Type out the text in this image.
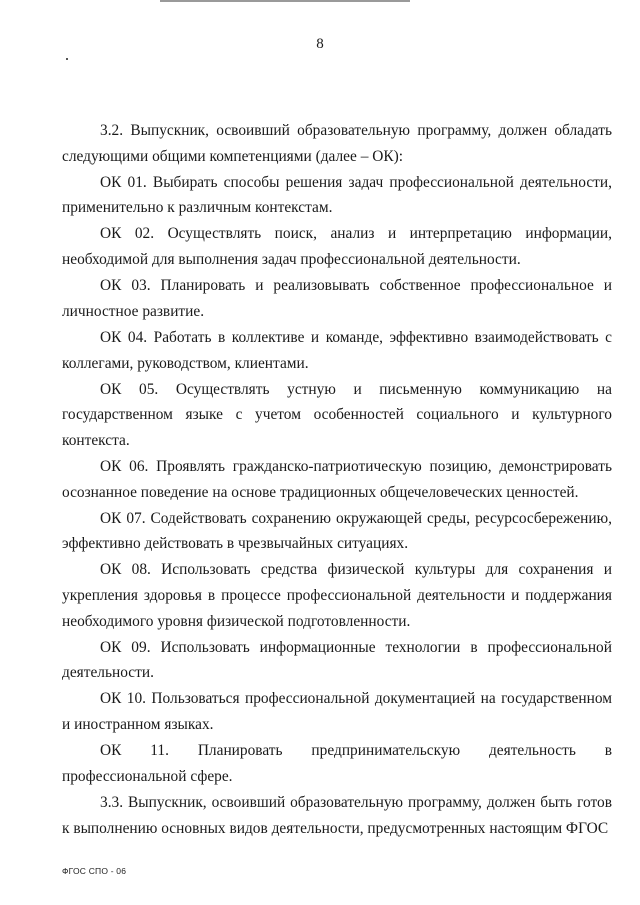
8

3.2. Выпускник, освоивший образовательную программу, должен обладать следующими общими компетенциями (далее – ОК):

ОК 01. Выбирать способы решения задач профессиональной деятельности, применительно к различным контекстам.

ОК 02. Осуществлять поиск, анализ и интерпретацию информации, необходимой для выполнения задач профессиональной деятельности.

ОК 03. Планировать и реализовывать собственное профессиональное и личностное развитие.

ОК 04. Работать в коллективе и команде, эффективно взаимодействовать с коллегами, руководством, клиентами.

ОК 05. Осуществлять устную и письменную коммуникацию на государственном языке с учетом особенностей социального и культурного контекста.

ОК 06. Проявлять гражданско-патриотическую позицию, демонстрировать осознанное поведение на основе традиционных общечеловеческих ценностей.

ОК 07. Содействовать сохранению окружающей среды, ресурсосбережению, эффективно действовать в чрезвычайных ситуациях.

ОК 08. Использовать средства физической культуры для сохранения и укрепления здоровья в процессе профессиональной деятельности и поддержания необходимого уровня физической подготовленности.

ОК 09. Использовать информационные технологии в профессиональной деятельности.

ОК 10. Пользоваться профессиональной документацией на государственном и иностранном языках.

ОК 11. Планировать предпринимательскую деятельность в профессиональной сфере.

3.3. Выпускник, освоивший образовательную программу, должен быть готов к выполнению основных видов деятельности, предусмотренных настоящим ФГОС

ФГОС СПО - 06
